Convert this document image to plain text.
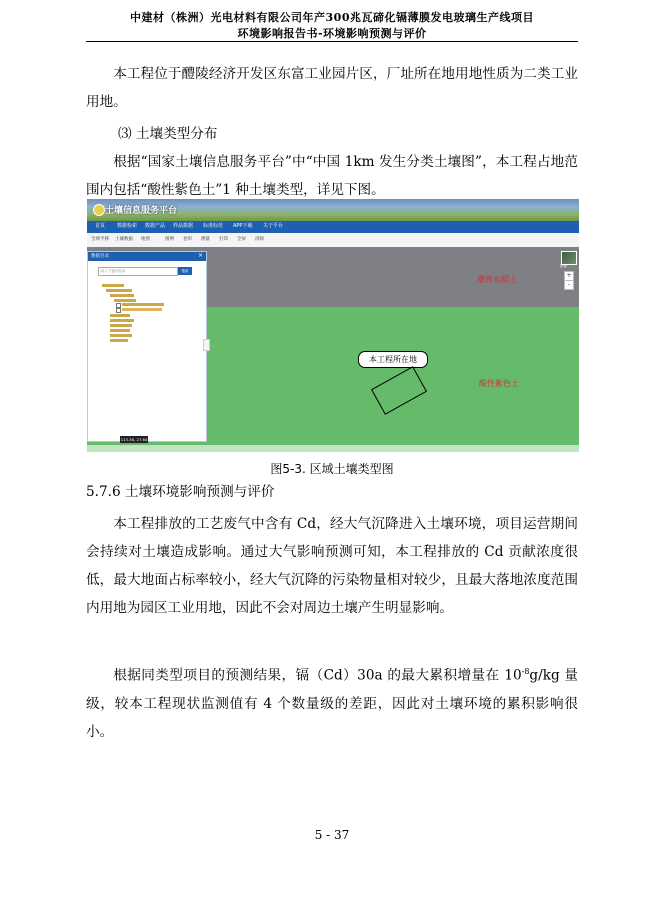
中建材（株洲）光电材料有限公司年产300兆瓦碲化镉薄膜发电玻璃生产线项目
环境影响报告书-环境影响预测与评价
本工程位于醴陵经济开发区东富工业园片区，厂址所在地用地性质为二类工业用地。
⑶ 土壤类型分布
根据“国家土壤信息服务平台”中“中国 1km 发生分类土壤图”，本工程占地范围内包括“酸性紫色土”1 种土壤类型，详见下图。
土壤信息服务平台
首页 数据检索 数据产品 样品数据 标准标范 APP下载 关于平台
全域平移 土壤数据 地图	图例 卷帘 测量 打印 全屏 清除
数据目录	×
输入关键词检索	搜索
影像
+
-
潮育水稻土
酸性紫色土
本工程所在地
113.38, 27.64
图5-3. 区域土壤类型图
5.7.6 土壤环境影响预测与评价
本工程排放的工艺废气中含有 Cd，经大气沉降进入土壤环境，项目运营期间会持续对土壤造成影响。通过大气影响预测可知，本工程排放的 Cd 贡献浓度很低，最大地面占标率较小，经大气沉降的污染物量相对较少，且最大落地浓度范围内用地为园区工业用地，因此不会对周边土壤产生明显影响。
根据同类型项目的预测结果，镉（Cd）30a 的最大累积增量在 $10^{-8}g/kg$ 量级，较本工程现状监测值有 4 个数量级的差距，因此对土壤环境的累积影响很小。
5 - 37
